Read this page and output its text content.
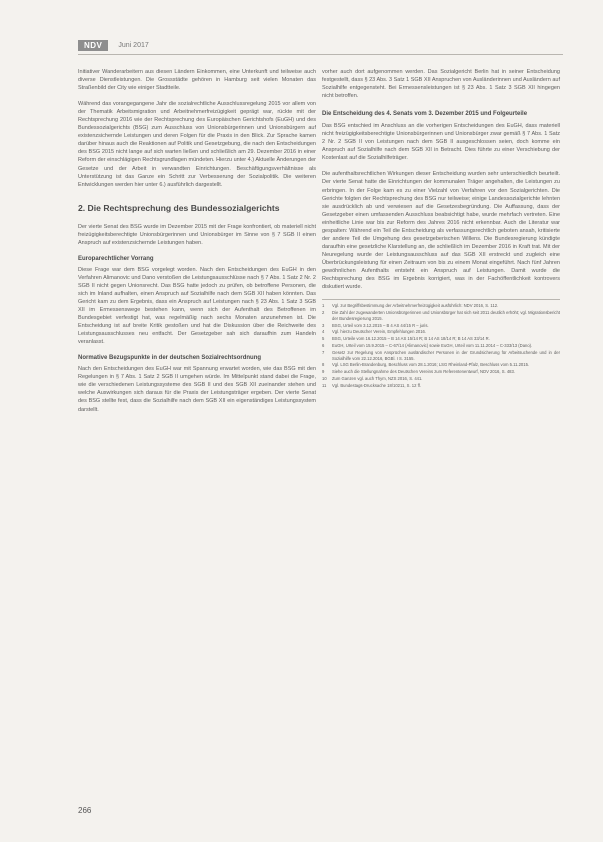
NDV	Juni 2017

Initiativer Wanderarbeitern aus diesen Ländern Einkommen, eine Unterkunft und teilweise auch diverse Dienstleistungen. Die Grossstädte gehören in Hamburg seit vielen Monaten das Straßenbild der City wie einiger Stadtteile.

Während das vorangegangene Jahr die sozialrechtliche Ausschlussregelung 2015 vor allem von der Thematik Arbeitsmigration und Arbeitnehmerfreizügigkeit geprägt war, rückte mit der Rechtsprechung 2016 wie der Rechtsprechung des Europäischen Gerichtshofs (EuGH) und des Bundessozialgerichts (BSG) zum Ausschluss von Unionsbürgerinnen und Unionsbürgern auf existenzsichernde Leistungen und deren Folgen für die Praxis in den Blick. Zur Sprache kamen darüber hinaus auch die Reaktionen auf Politik und Gesetzgebung, die nach den Entscheidungen des BSG 2015 nicht lange auf sich warten ließen und schließlich am 29. Dezember 2016 in einer Reform der einschlägigen Rechtsgrundlagen mündeten. Hierzu unter 4.) Aktuelle Änderungen der Gesetze und der Arbeit in verwandten Einrichtungen. Beschäftigungsverhältnisse als Unterstützung ist das Ganze ein Schritt zur Verbesserung der Sozialpolitik. Die weiteren Entwicklungen werden hier unter 6.) ausführlich dargestellt.

2. Die Rechtsprechung des Bundessozialgerichts

Der vierte Senat des BSG wurde im Dezember 2015 mit der Frage konfrontiert, ob materiell nicht freizügigkeitsberechtigte Unionsbürgerinnen und Unionsbürger im Sinne von § 7 SGB II einen Anspruch auf existenzsichernde Leistungen haben.

Europarechtlicher Vorrang

Diese Frage war dem BSG vorgelegt worden. Nach den Entscheidungen des EuGH in den Verfahren Alimanovic und Dano verstoßen die Leistungsausschlüsse nach § 7 Abs. 1 Satz 2 Nr. 2 SGB II nicht gegen Unionsrecht. Das BSG hatte jedoch zu prüfen, ob betroffene Personen, die sich im Inland aufhalten, einen Anspruch auf Sozialhilfe nach dem SGB XII haben könnten. Das Gericht kam zu dem Ergebnis, dass ein Anspruch auf Leistungen nach § 23 Abs. 1 Satz 3 SGB XII im Ermessenswege bestehen kann, wenn sich der Aufenthalt des Betroffenen im Bundesgebiet verfestigt hat, was regelmäßig nach sechs Monaten anzunehmen ist. Die Entscheidung ist auf breite Kritik gestoßen und hat die Diskussion über die Reichweite des Leistungsausschlusses neu entfacht. Der Gesetzgeber sah sich daraufhin zum Handeln veranlasst.

Normative Bezugspunkte in der deutschen Sozialrechtsordnung

Nach den Entscheidungen des EuGH war mit Spannung erwartet worden, wie das BSG mit den Regelungen in § 7 Abs. 1 Satz 2 SGB II umgehen würde. Im Mittelpunkt stand dabei die Frage, wie die verschiedenen Leistungssysteme des SGB II und des SGB XII zueinander stehen und welche Auswirkungen sich daraus für die Praxis der Leistungsträger ergeben. Der vierte Senat des BSG stellte fest, dass die Sozialhilfe nach dem SGB XII ein eigenständiges Leistungssystem darstellt.

vorher auch dort aufgenommen werden. Das Sozialgericht Berlin hat in seiner Entscheidung festgestellt, dass § 23 Abs. 3 Satz 1 SGB XII Anspruchen von Ausländerinnen und Ausländern auf Sozialhilfe entgegensteht. Bei Ermessensleistungen ist § 23 Abs. 1 Satz 3 SGB XII hingegen nicht betroffen.

Die Entscheidung des 4. Senats vom 3. Dezember 2015 und Folgeurteile

Das BSG entschied im Anschluss an die vorherigen Entscheidungen des EuGH, dass materiell nicht freizügigkeitsberechtigte Unionsbürgerinnen und Unionsbürger zwar gemäß § 7 Abs. 1 Satz 2 Nr. 2 SGB II von Leistungen nach dem SGB II ausgeschlossen seien, doch komme ein Anspruch auf Sozialhilfe nach dem SGB XII in Betracht. Dies führte zu einer Verschiebung der Kostenlast auf die Sozialhilfeträger.

Die aufenthaltsrechtlichen Wirkungen dieser Entscheidung wurden sehr unterschiedlich beurteilt. Der vierte Senat hatte die Einrichtungen der kommunalen Träger angehalten, die Leistungen zu erbringen. In der Folge kam es zu einer Vielzahl von Verfahren vor den Sozialgerichten. Die Gerichte folgten der Rechtsprechung des BSG nur teilweise; einige Landessozialgerichte lehnten sie ausdrücklich ab und verwiesen auf die Gesetzesbegründung. Die Auffassung, dass der Gesetzgeber einen umfassenden Ausschluss beabsichtigt habe, wurde mehrfach vertreten. Eine einheitliche Linie war bis zur Reform des Jahres 2016 nicht erkennbar. Auch die Literatur war gespalten: Während ein Teil die Entscheidung als verfassungsrechtlich geboten ansah, kritisierte der andere Teil die Umgehung des gesetzgeberischen Willens. Die Bundesregierung kündigte daraufhin eine gesetzliche Klarstellung an, die schließlich im Dezember 2016 in Kraft trat. Mit der Neuregelung wurde der Leistungsausschluss auf das SGB XII erstreckt und zugleich eine Überbrückungsleistung für einen Zeitraum von bis zu einem Monat eingeführt. Nach fünf Jahren gewöhnlichen Aufenthalts entsteht ein Anspruch auf Leistungen. Damit wurde die Rechtsprechung des BSG im Ergebnis korrigiert, was in der Fachöffentlichkeit kontrovers diskutiert wurde.

1	Vgl. zur Begriffsbestimmung der Arbeitnehmerfreizügigkeit ausführlich: NDV 2016, S. 112.
2	Die Zahl der zugewanderten Unionsbürgerinnen und Unionsbürger hat sich seit 2011 deutlich erhöht; vgl. Migrationsbericht der Bundesregierung 2015.
3	BSG, Urteil vom 3.12.2015 – B 4 AS 44/15 R – juris.
4	Vgl. hierzu Deutscher Verein, Empfehlungen 2016.
5	BSG, Urteile vom 16.12.2015 – B 14 AS 15/14 R; B 14 AS 18/14 R; B 14 AS 33/14 R.
6	EuGH, Urteil vom 15.9.2015 – C-67/14 (Alimanovic) sowie EuGH, Urteil vom 11.11.2014 – C-333/13 (Dano).
7	Gesetz zur Regelung von Ansprüchen ausländischer Personen in der Grundsicherung für Arbeitsuchende und in der Sozialhilfe vom 22.12.2016, BGBl. I S. 3155.
8	Vgl. LSG Berlin-Brandenburg, Beschluss vom 28.1.2016; LSG Rheinland-Pfalz, Beschluss vom 5.11.2015.
9	Siehe auch die Stellungnahme des Deutschen Vereins zum Referentenentwurf, NDV 2016, S. 483.
10	Zum Ganzen vgl. auch Thym, NZS 2016, S. 441.
11	Vgl. Bundestags-Drucksache 18/10211, S. 12 ff.
266
